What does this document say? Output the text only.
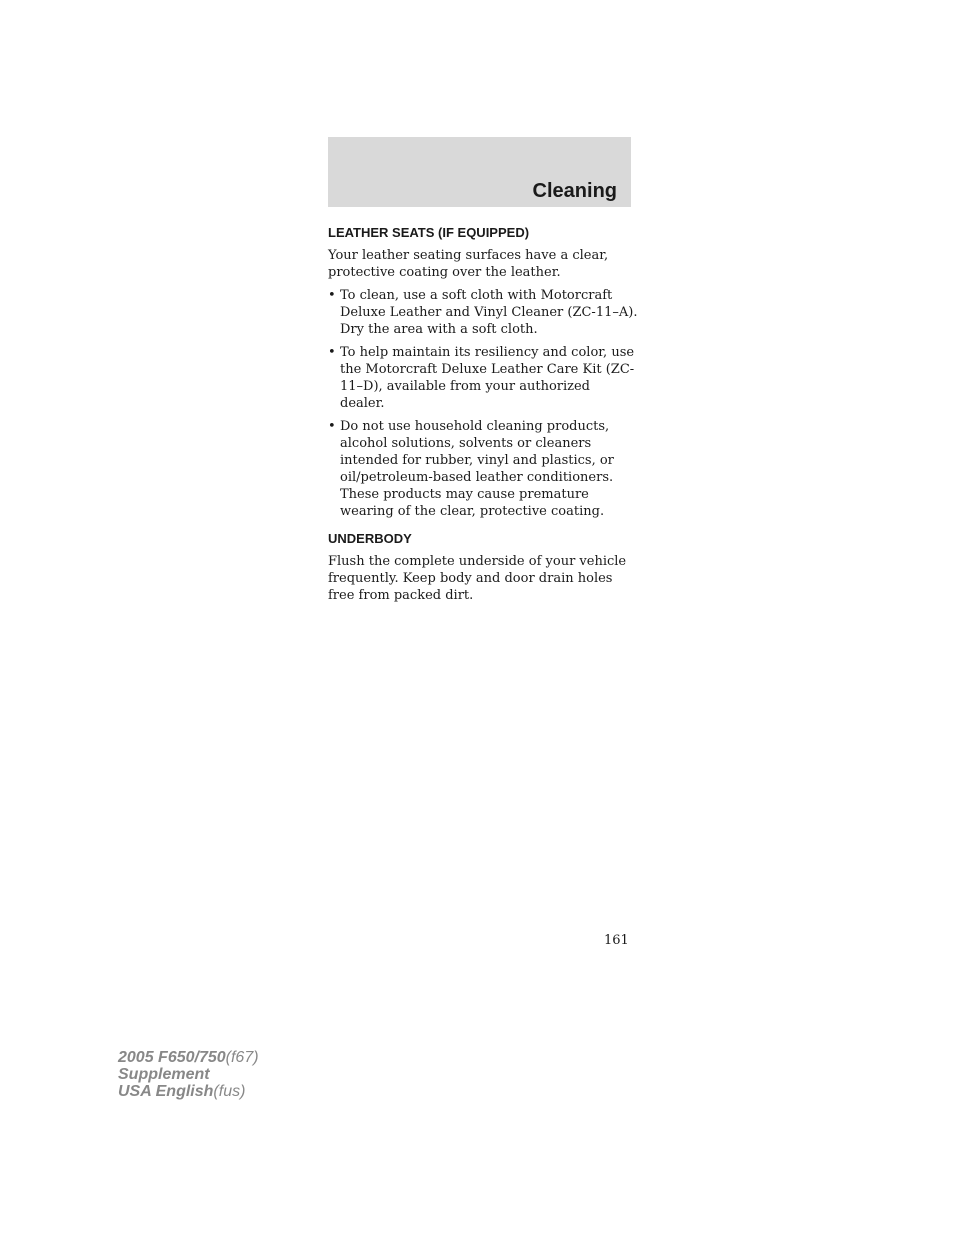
Cleaning
LEATHER SEATS (IF EQUIPPED)

Your leather seating surfaces have a clear, protective coating over the leather.

• To clean, use a soft cloth with Motorcraft Deluxe Leather and Vinyl Cleaner (ZC-11–A). Dry the area with a soft cloth.
• To help maintain its resiliency and color, use the Motorcraft Deluxe Leather Care Kit (ZC-11–D), available from your authorized dealer.
• Do not use household cleaning products, alcohol solutions, solvents or cleaners intended for rubber, vinyl and plastics, or oil/petroleum-based leather conditioners. These products may cause premature wearing of the clear, protective coating.
UNDERBODY

Flush the complete underside of your vehicle frequently. Keep body and door drain holes free from packed dirt.

161
2005 F650/750(f67)
Supplement
USA English(fus)
